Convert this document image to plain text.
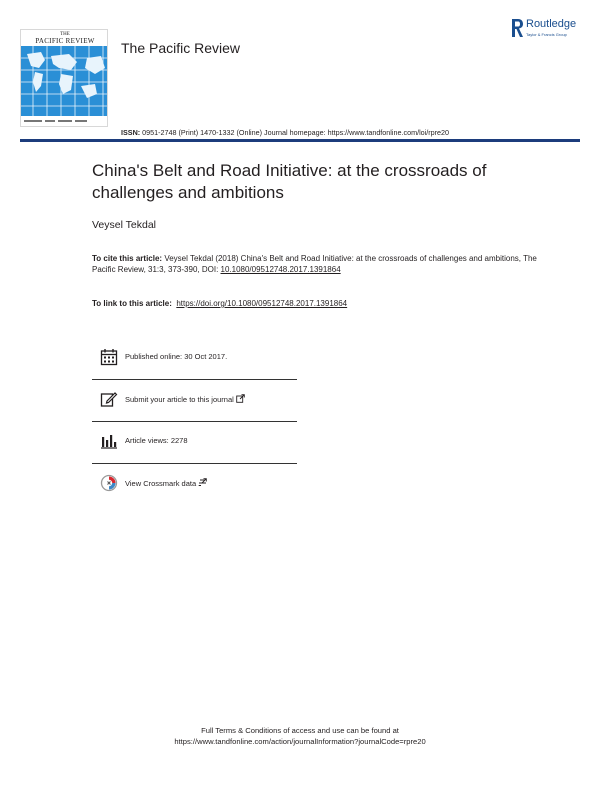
THE
PACIFIC REVIEW	The Pacific Review
Routledge
Taylor & Francis Group
ISSN: 0951-2748 (Print) 1470-1332 (Online) Journal homepage: https://www.tandfonline.com/loi/rpre20
China's Belt and Road Initiative: at the crossroads of challenges and ambitions
Veysel Tekdal

To cite this article: Veysel Tekdal (2018) China's Belt and Road Initiative: at the crossroads of challenges and ambitions, The Pacific Review, 31:3, 373-390, DOI: 10.1080/09512748.2017.1391864

To link to this article: https://doi.org/10.1080/09512748.2017.1391864
Published online: 30 Oct 2017.
Submit your article to this journal
Article views: 2278
View Crossmark data
Full Terms & Conditions of access and use can be found at
https://www.tandfonline.com/action/journalInformation?journalCode=rpre20
